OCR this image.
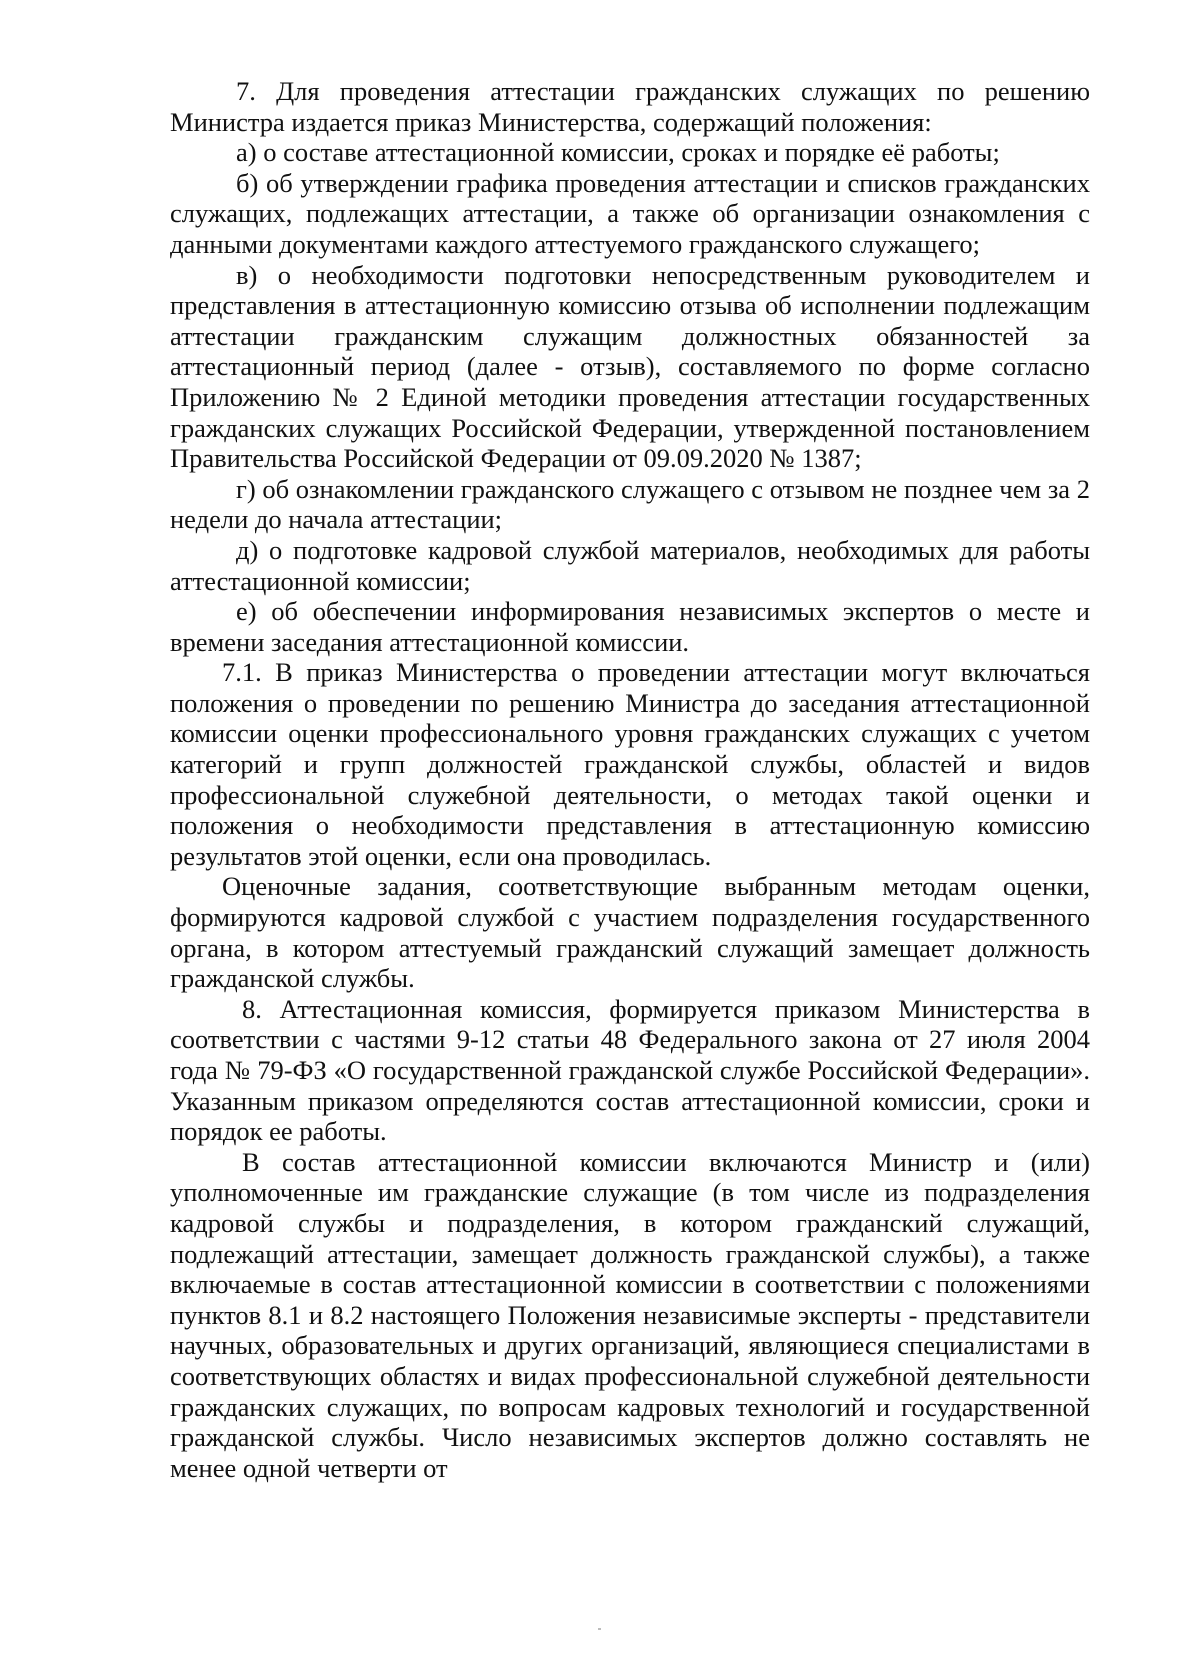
7. Для проведения аттестации гражданских служащих по решению Министра издается приказ Министерства, содержащий положения:

а) о составе аттестационной комиссии, сроках и порядке её работы;

б) об утверждении графика проведения аттестации и списков гражданских служащих, подлежащих аттестации, а также об организации ознакомления с данными документами каждого аттестуемого гражданского служащего;

в) о необходимости подготовки непосредственным руководителем и представления в аттестационную комиссию отзыва об исполнении подлежащим аттестации гражданским служащим должностных обязанностей за аттестационный период (далее - отзыв), составляемого по форме согласно Приложению № 2 Единой методики проведения аттестации государственных гражданских служащих Российской Федерации, утвержденной постановлением Правительства Российской Федерации от 09.09.2020 № 1387;

г) об ознакомлении гражданского служащего с отзывом не позднее чем за 2 недели до начала аттестации;

д) о подготовке кадровой службой материалов, необходимых для работы аттестационной комиссии;

е) об обеспечении информирования независимых экспертов о месте и времени заседания аттестационной комиссии.

7.1. В приказ Министерства о проведении аттестации могут включаться положения о проведении по решению Министра до заседания аттестационной комиссии оценки профессионального уровня гражданских служащих с учетом категорий и групп должностей гражданской службы, областей и видов профессиональной служебной деятельности, о методах такой оценки и положения о необходимости представления в аттестационную комиссию результатов этой оценки, если она проводилась.

Оценочные задания, соответствующие выбранным методам оценки, формируются кадровой службой с участием подразделения государственного органа, в котором аттестуемый гражданский служащий замещает должность гражданской службы.

8. Аттестационная комиссия, формируется приказом Министерства в соответствии с частями 9-12 статьи 48 Федерального закона от 27 июля 2004 года № 79-ФЗ «О государственной гражданской службе Российской Федерации». Указанным приказом определяются состав аттестационной комиссии, сроки и порядок ее работы.

В состав аттестационной комиссии включаются Министр и (или) уполномоченные им гражданские служащие (в том числе из подразделения кадровой службы и подразделения, в котором гражданский служащий, подлежащий аттестации, замещает должность гражданской службы), а также включаемые в состав аттестационной комиссии в соответствии с положениями пунктов 8.1 и 8.2 настоящего Положения независимые эксперты - представители научных, образовательных и других организаций, являющиеся специалистами в соответствующих областях и видах профессиональной служебной деятельности гражданских служащих, по вопросам кадровых технологий и государственной гражданской службы. Число независимых экспертов должно составлять не менее одной четверти от
